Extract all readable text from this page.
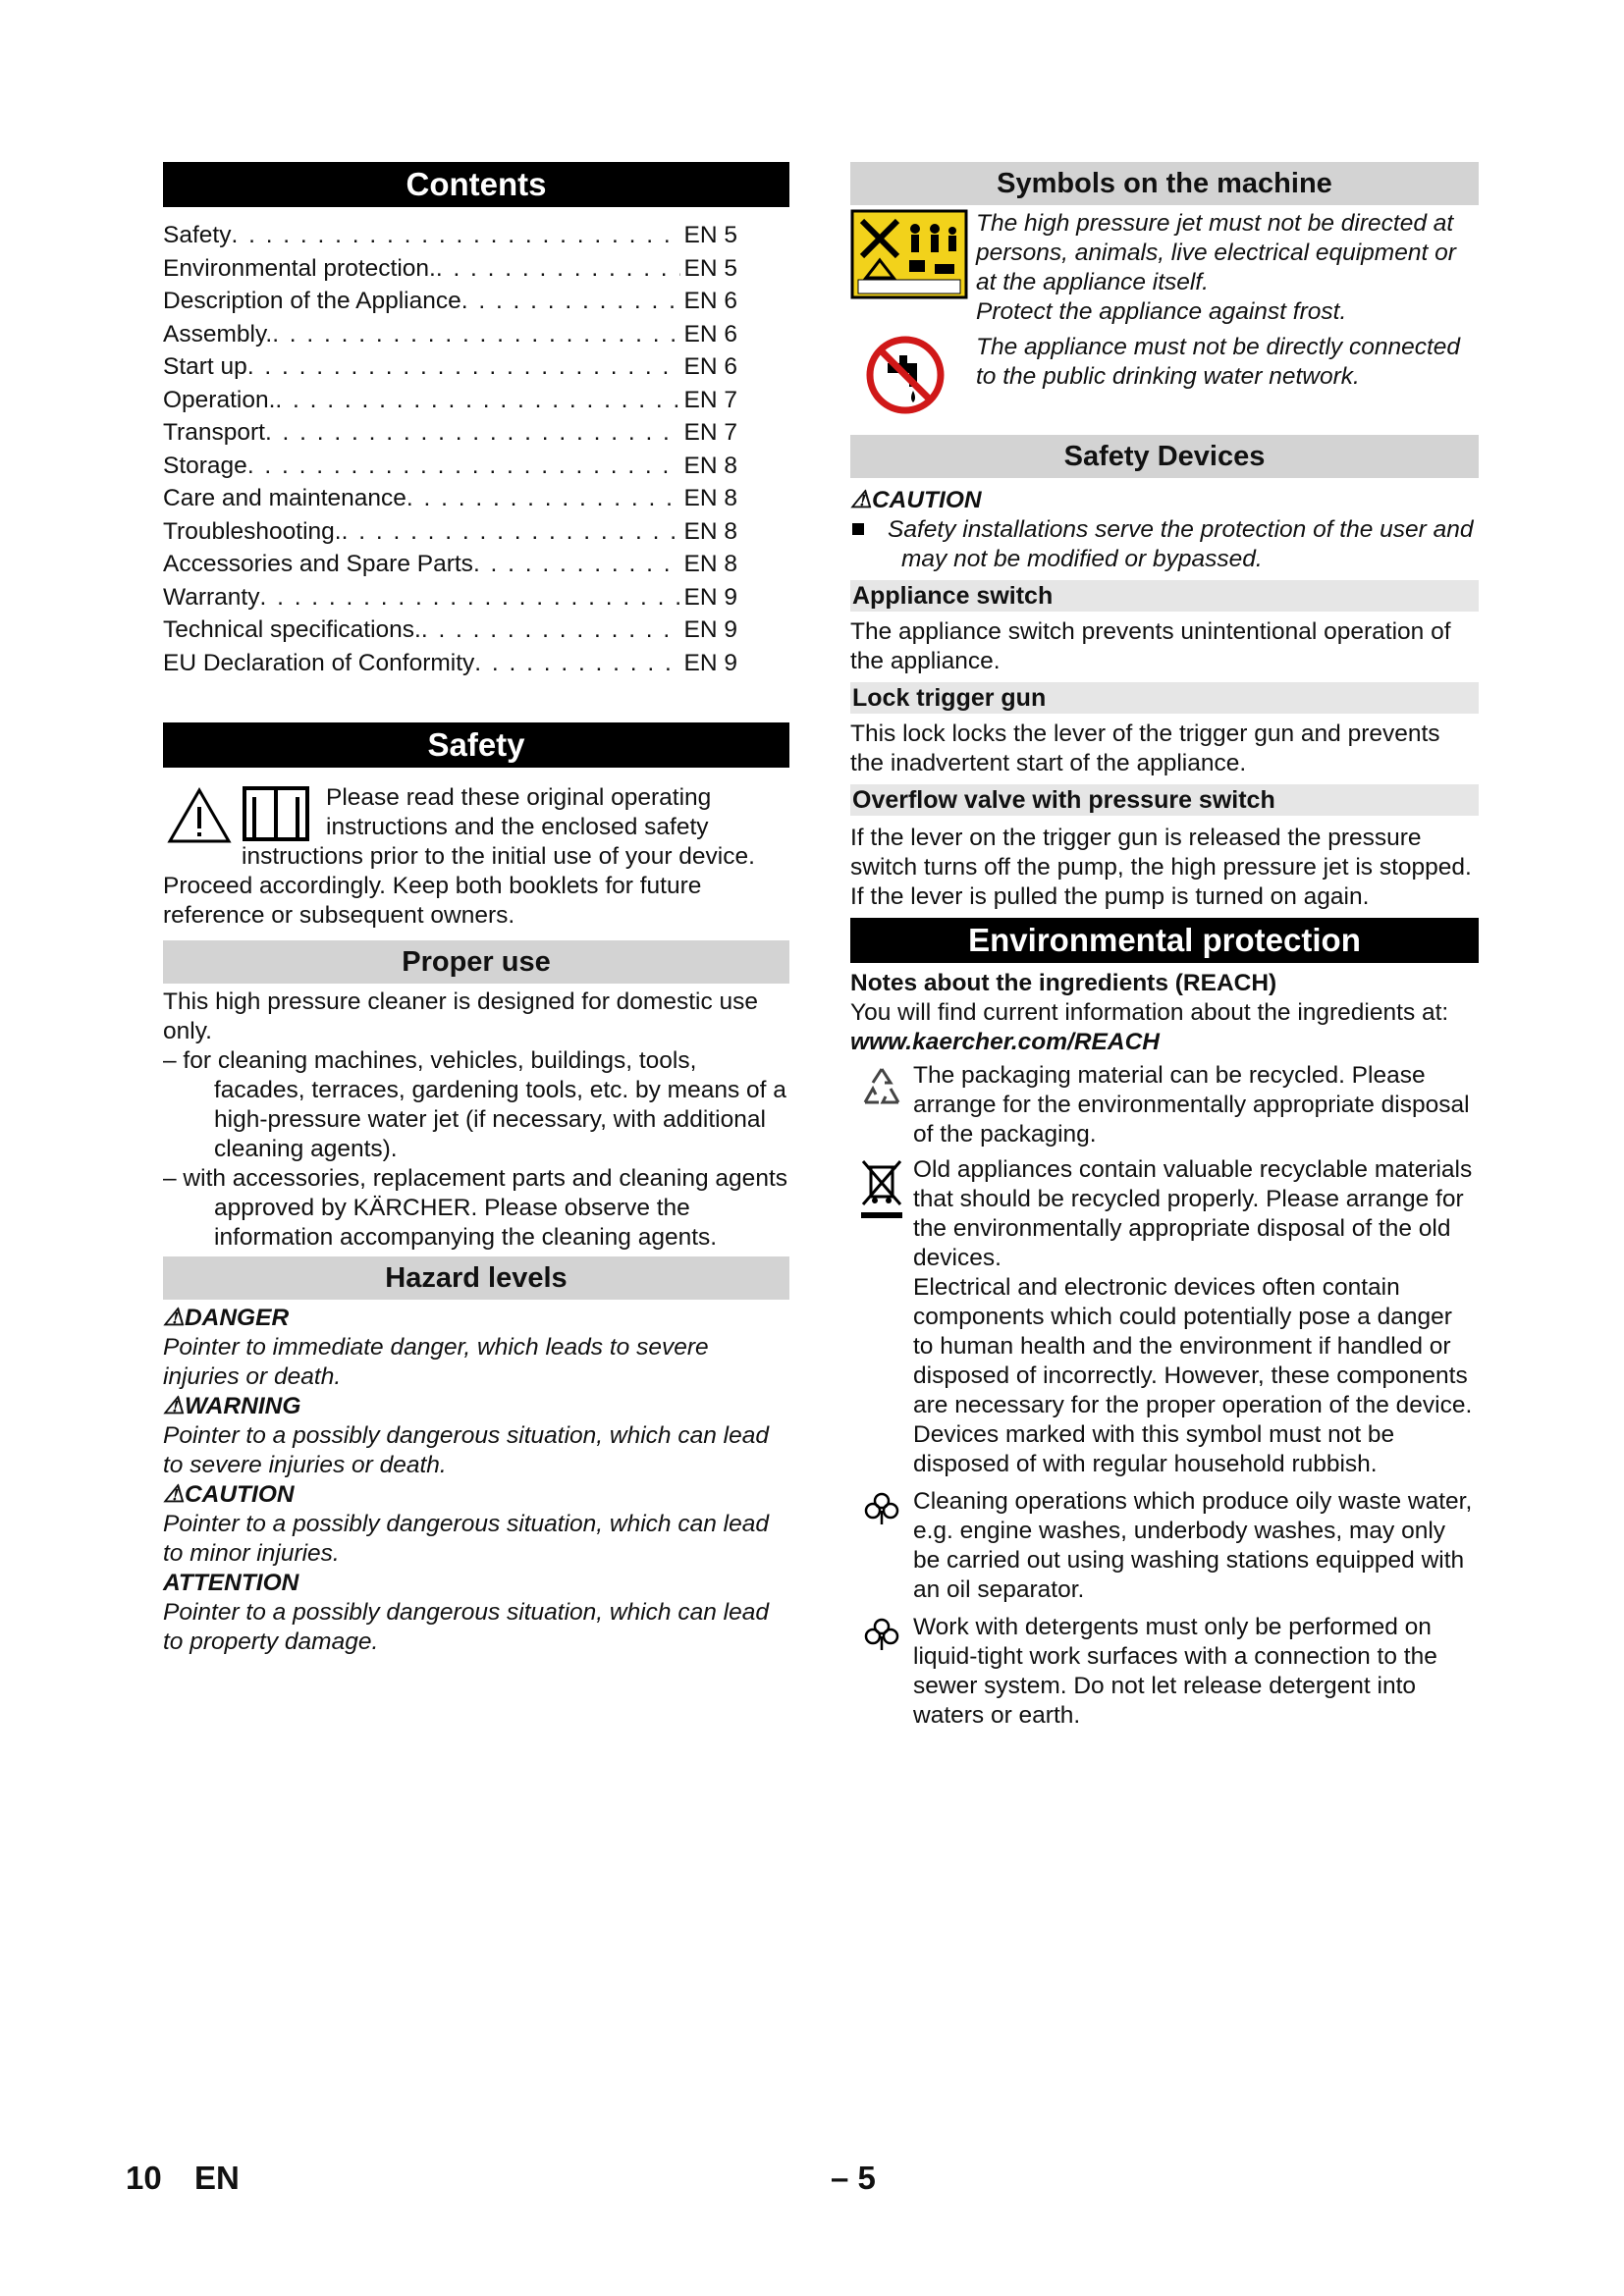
Contents
Safety . . .	EN 5
Environmental protection. . . .	EN 5
Description of the Appliance . . .	EN 6
Assembly. . . .	EN 6
Start up . . .	EN 6
Operation. . . .	EN 7
Transport . . .	EN 7
Storage . . .	EN 8
Care and maintenance . . .	EN 8
Troubleshooting. . . .	EN 8
Accessories and Spare Parts . . .	EN 8
Warranty . . .	EN 9
Technical specifications. . . .	EN 9
EU Declaration of Conformity . . .	EN 9
Safety

Please read these original operating instructions and the enclosed safety instructions prior to the initial use of your device. Proceed accordingly. Keep both booklets for future reference or subsequent owners.

Proper use

This high pressure cleaner is designed for domestic use only.

– for cleaning machines, vehicles, buildings, tools, facades, terraces, gardening tools, etc. by means of a high-pressure water jet (if necessary, with additional cleaning agents).

– with accessories, replacement parts and cleaning agents approved by KÄRCHER. Please observe the information accompanying the cleaning agents.

Hazard levels

⚠DANGER

Pointer to immediate danger, which leads to severe injuries or death.

⚠WARNING

Pointer to a possibly dangerous situation, which can lead to severe injuries or death.

⚠CAUTION

Pointer to a possibly dangerous situation, which can lead to minor injuries.

ATTENTION

Pointer to a possibly dangerous situation, which can lead to property damage.

Symbols on the machine

The high pressure jet must not be directed at persons, animals, live electrical equipment or at the appliance itself.

Protect the appliance against frost.

The appliance must not be directly connected to the public drinking water network.

Safety Devices

⚠CAUTION

Safety installations serve the protection of the user and may not be modified or bypassed.

Appliance switch

The appliance switch prevents unintentional operation of the appliance.

Lock trigger gun

This lock locks the lever of the trigger gun and prevents the inadvertent start of the appliance.

Overflow valve with pressure switch

If the lever on the trigger gun is released the pressure switch turns off the pump, the high pressure jet is stopped. If the lever is pulled the pump is turned on again.

Environmental protection

Notes about the ingredients (REACH)

You will find current information about the ingredients at:

www.kaercher.com/REACH

The packaging material can be recycled. Please arrange for the environmentally appropriate disposal of the packaging.

Old appliances contain valuable recyclable materials that should be recycled properly. Please arrange for the environmentally appropriate disposal of the old devices.

Electrical and electronic devices often contain components which could potentially pose a danger to human health and the environment if handled or disposed of incorrectly. However, these components are necessary for the proper operation of the device. Devices marked with this symbol must not be disposed of with regular household rubbish.

Cleaning operations which produce oily waste water, e.g. engine washes, underbody washes, may only be carried out using washing stations equipped with an oil separator.

Work with detergents must only be performed on liquid-tight work surfaces with a connection to the sewer system. Do not let release detergent into waters or earth.

10 EN	– 5
